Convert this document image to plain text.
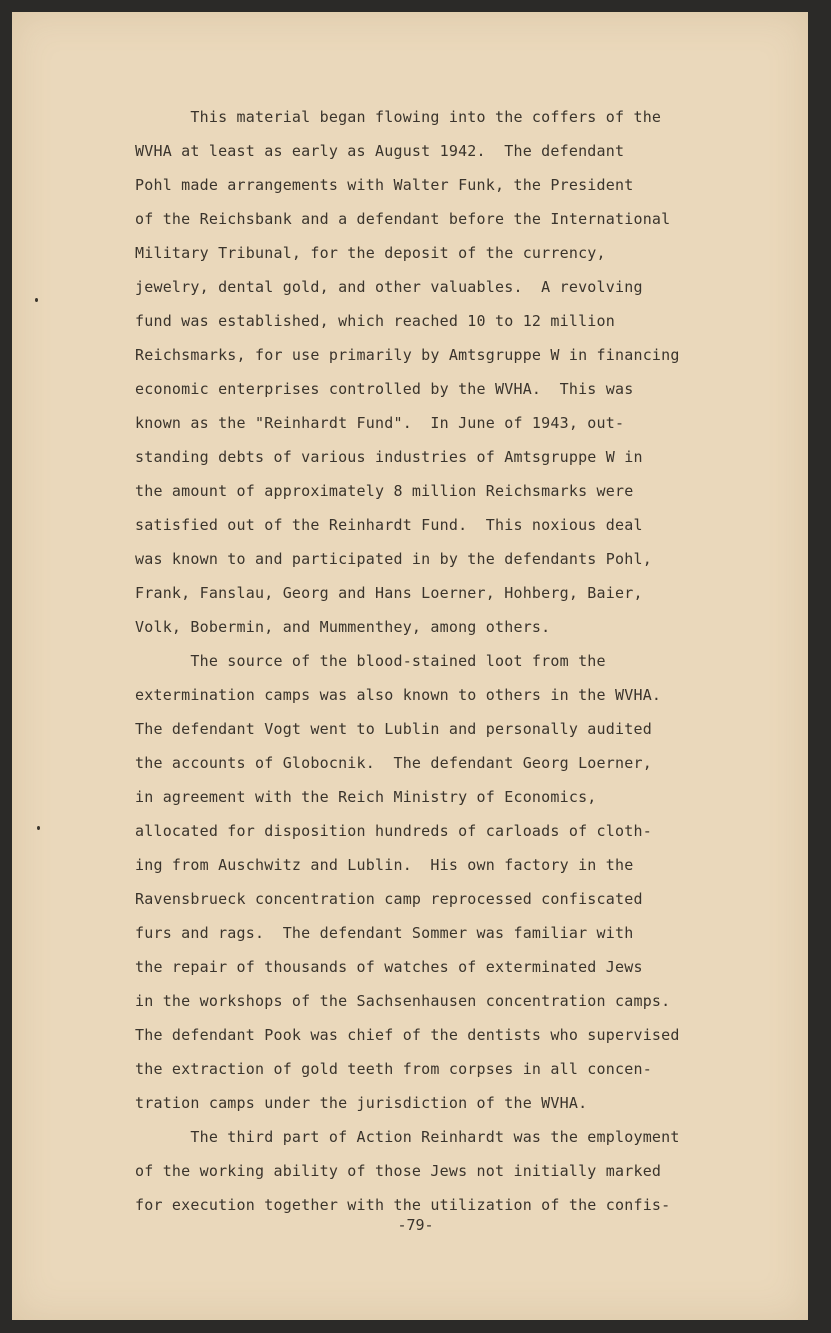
This material began flowing into the coffers of the
WVHA at least as early as August 1942.  The defendant
Pohl made arrangements with Walter Funk, the President
of the Reichsbank and a defendant before the International
Military Tribunal, for the deposit of the currency,
jewelry, dental gold, and other valuables.  A revolving
fund was established, which reached 10 to 12 million
Reichsmarks, for use primarily by Amtsgruppe W in financing
economic enterprises controlled by the WVHA.  This was
known as the "Reinhardt Fund".  In June of 1943, out-
standing debts of various industries of Amtsgruppe W in
the amount of approximately 8 million Reichsmarks were
satisfied out of the Reinhardt Fund.  This noxious deal
was known to and participated in by the defendants Pohl,
Frank, Fanslau, Georg and Hans Loerner, Hohberg, Baier,
Volk, Bobermin, and Mummenthey, among others.
The source of the blood-stained loot from the
extermination camps was also known to others in the WVHA.
The defendant Vogt went to Lublin and personally audited
the accounts of Globocnik.  The defendant Georg Loerner,
in agreement with the Reich Ministry of Economics,
allocated for disposition hundreds of carloads of cloth-
ing from Auschwitz and Lublin.  His own factory in the
Ravensbrueck concentration camp reprocessed confiscated
furs and rags.  The defendant Sommer was familiar with
the repair of thousands of watches of exterminated Jews
in the workshops of the Sachsenhausen concentration camps.
The defendant Pook was chief of the dentists who supervised
the extraction of gold teeth from corpses in all concen-
tration camps under the jurisdiction of the WVHA.
The third part of Action Reinhardt was the employment
of the working ability of those Jews not initially marked
for execution together with the utilization of the confis-
-79-
